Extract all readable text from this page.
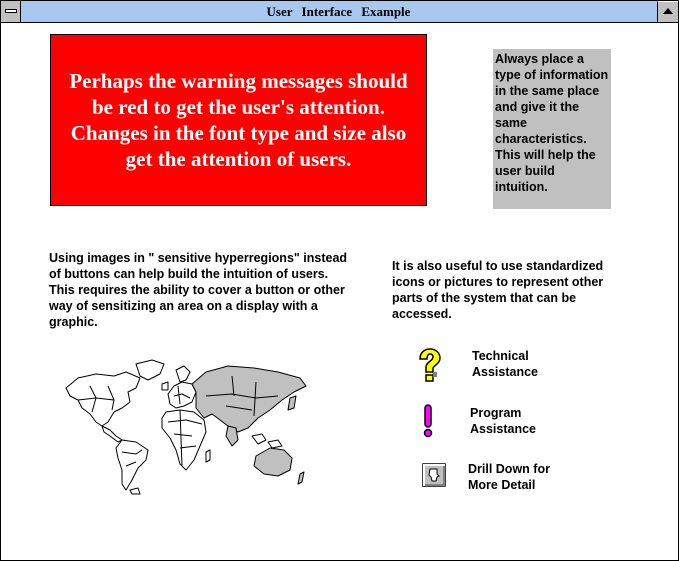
User Interface Example
Perhaps the warning messages should be red to get the user's attention. Changes in the font type and size also get the attention of users.
Always place a type of information in the same place and give it the same characteristics. This will help the user build intuition.
Using images in " sensitive hyperregions" instead of buttons can help build the intuition of users. This requires the ability to cover a button or other way of sensitizing an area on a display with a graphic.
It is also useful to use standardized icons or pictures to represent other parts of the system that can be accessed.
Technical
Assistance
Program
Assistance
Drill Down for
More Detail
